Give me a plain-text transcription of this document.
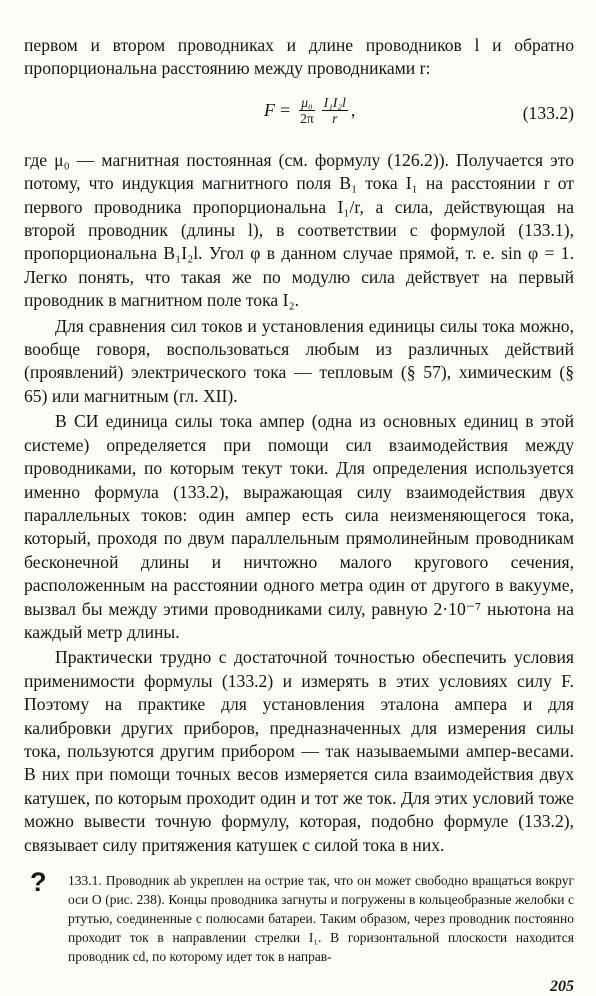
первом и втором проводниках и длине проводников l и обратно пропорциональна расстоянию между проводниками r:

$F = \frac{\text{μ₀}}{2\pi} \frac{\text{I₁I₂l}}{r}$ ,	(133.2)

где μ₀ — магнитная постоянная (см. формулу (126.2)). Получается это потому, что индукция магнитного поля B₁ тока I₁ на расстоянии r от первого проводника пропорциональна I₁/r, а сила, действующая на второй проводник (длины l), в соответствии с формулой (133.1), пропорциональна B₁I₂l. Угол φ в данном случае прямой, т. е. sin φ = 1. Легко понять, что такая же по модулю сила действует на первый проводник в магнитном поле тока I₂.

Для сравнения сил токов и установления единицы силы тока можно, вообще говоря, воспользоваться любым из различных действий (проявлений) электрического тока — тепловым (§ 57), химическим (§ 65) или магнитным (гл. XII).

В СИ единица силы тока ампер (одна из основных единиц в этой системе) определяется при помощи сил взаимодействия между проводниками, по которым текут токи. Для определения используется именно формула (133.2), выражающая силу взаимодействия двух параллельных токов: один ампер есть сила неизменяющегося тока, который, проходя по двум параллельным прямолинейным проводникам бесконечной длины и ничтожно малого кругового сечения, расположенным на расстоянии одного метра один от другого в вакууме, вызвал бы между этими проводниками силу, равную 2·10⁻⁷ ньютона на каждый метр длины.

Практически трудно с достаточной точностью обеспечить условия применимости формулы (133.2) и измерять в этих условиях силу F. Поэтому на практике для установления эталона ампера и для калибровки других приборов, предназначенных для измерения силы тока, пользуются другим прибором — так называемыми ампер-весами. В них при помощи точных весов измеряется сила взаимодействия двух катушек, по которым проходит один и тот же ток. Для этих условий тоже можно вывести точную формулу, которая, подобно формуле (133.2), связывает силу притяжения катушек с силой тока в них.

? 133.1. Проводник ab укреплен на острие так, что он может свободно вращаться вокруг оси O (рис. 238). Концы проводника загнуты и погружены в кольцеобразные желобки с ртутью, соединенные с полюсами батареи. Таким образом, через проводник постоянно проходит ток в направлении стрелки I₁. В горизонтальной плоскости находится проводник cd, по которому идет ток в направ-

205
